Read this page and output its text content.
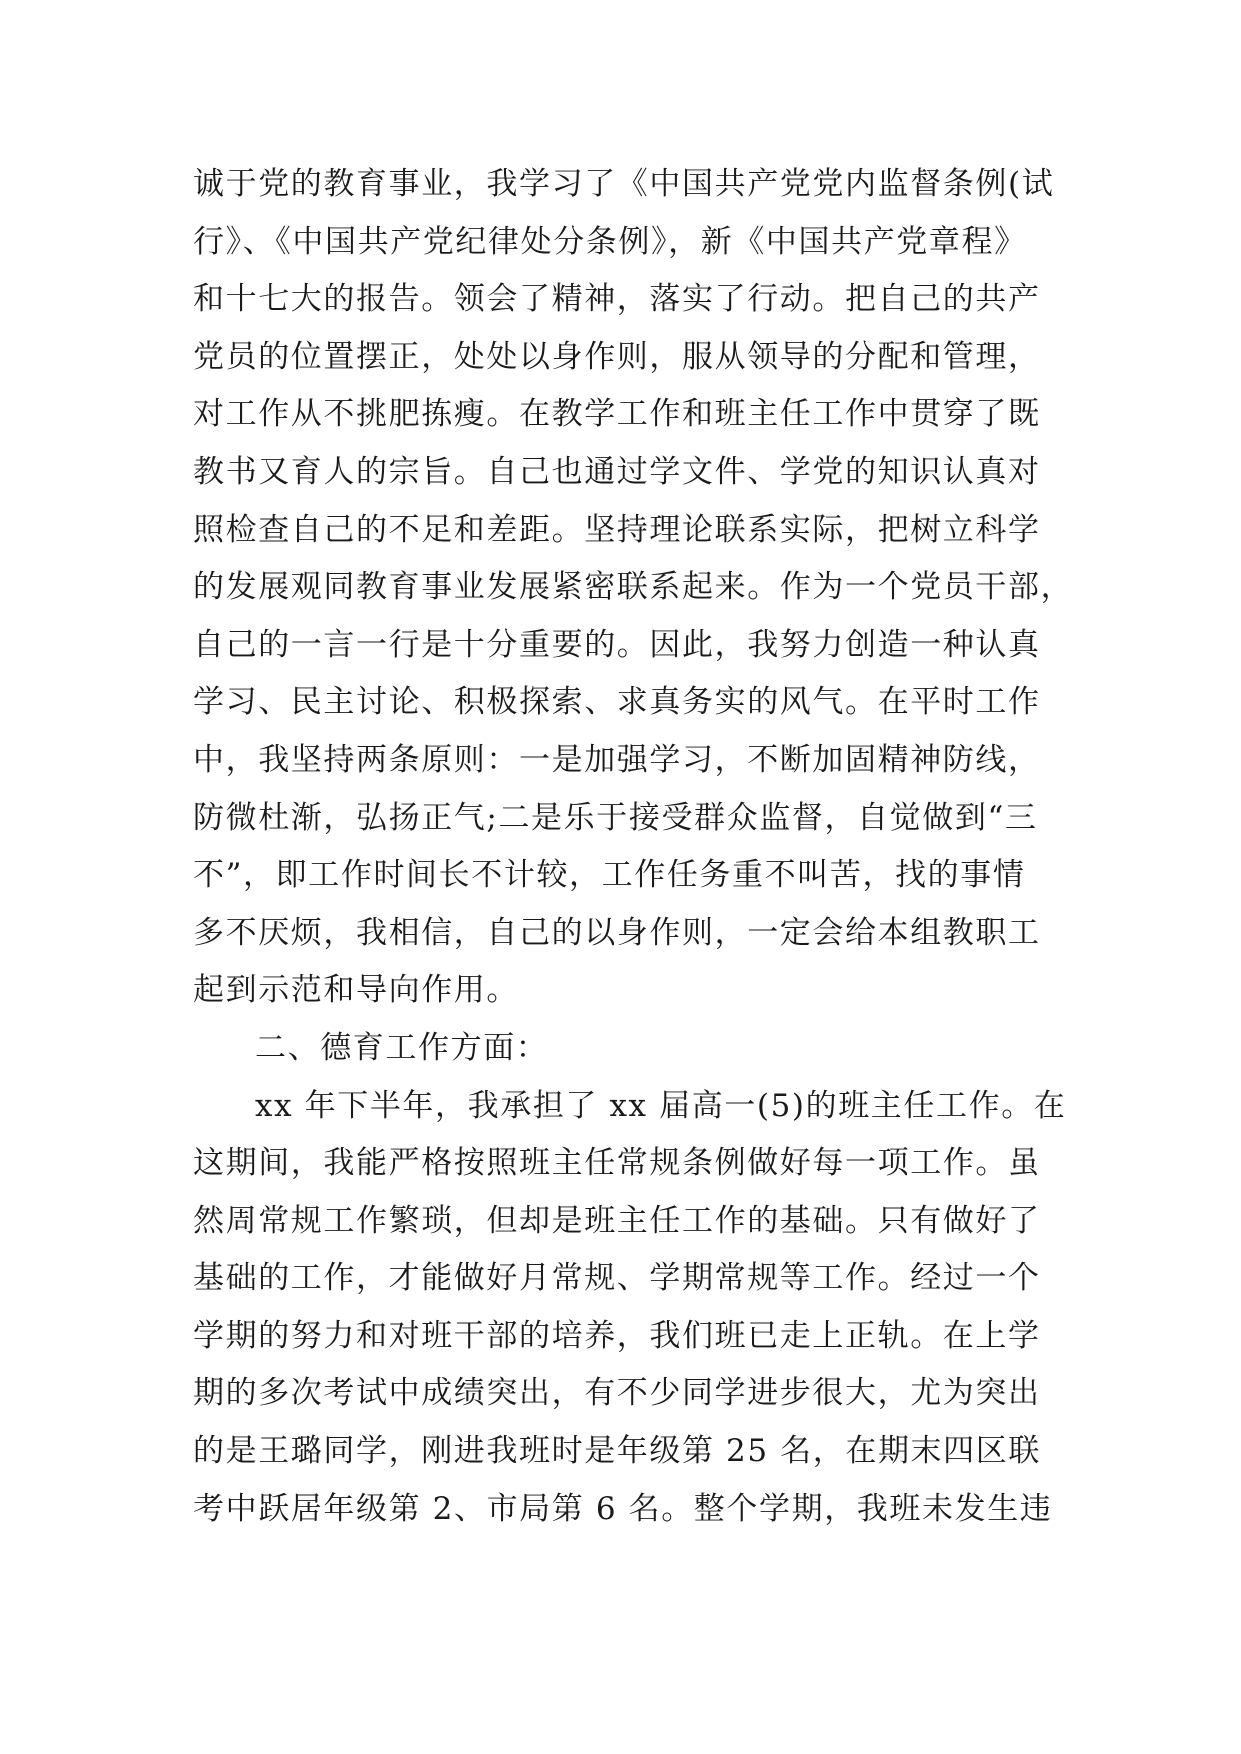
诚于党的教育事业，我学习了《中国共产党党内监督条例(试
行》、《中国共产党纪律处分条例》，新《中国共产党章程》
和十七大的报告。领会了精神，落实了行动。把自己的共产
党员的位置摆正，处处以身作则，服从领导的分配和管理，
对工作从不挑肥拣瘦。在教学工作和班主任工作中贯穿了既
教书又育人的宗旨。自己也通过学文件、学党的知识认真对
照检查自己的不足和差距。坚持理论联系实际，把树立科学
的发展观同教育事业发展紧密联系起来。作为一个党员干部，
自己的一言一行是十分重要的。因此，我努力创造一种认真
学习、民主讨论、积极探索、求真务实的风气。在平时工作
中，我坚持两条原则：一是加强学习，不断加固精神防线，
防微杜渐，弘扬正气;二是乐于接受群众监督，自觉做到“三
不”，即工作时间长不计较，工作任务重不叫苦，找的事情
多不厌烦，我相信，自己的以身作则，一定会给本组教职工
起到示范和导向作用。
二、德育工作方面：
xx 年下半年，我承担了 xx 届高一(5)的班主任工作。在
这期间，我能严格按照班主任常规条例做好每一项工作。虽
然周常规工作繁琐，但却是班主任工作的基础。只有做好了
基础的工作，才能做好月常规、学期常规等工作。经过一个
学期的努力和对班干部的培养，我们班已走上正轨。在上学
期的多次考试中成绩突出，有不少同学进步很大，尤为突出
的是王璐同学，刚进我班时是年级第 25 名，在期末四区联
考中跃居年级第 2、市局第 6 名。整个学期，我班未发生违
